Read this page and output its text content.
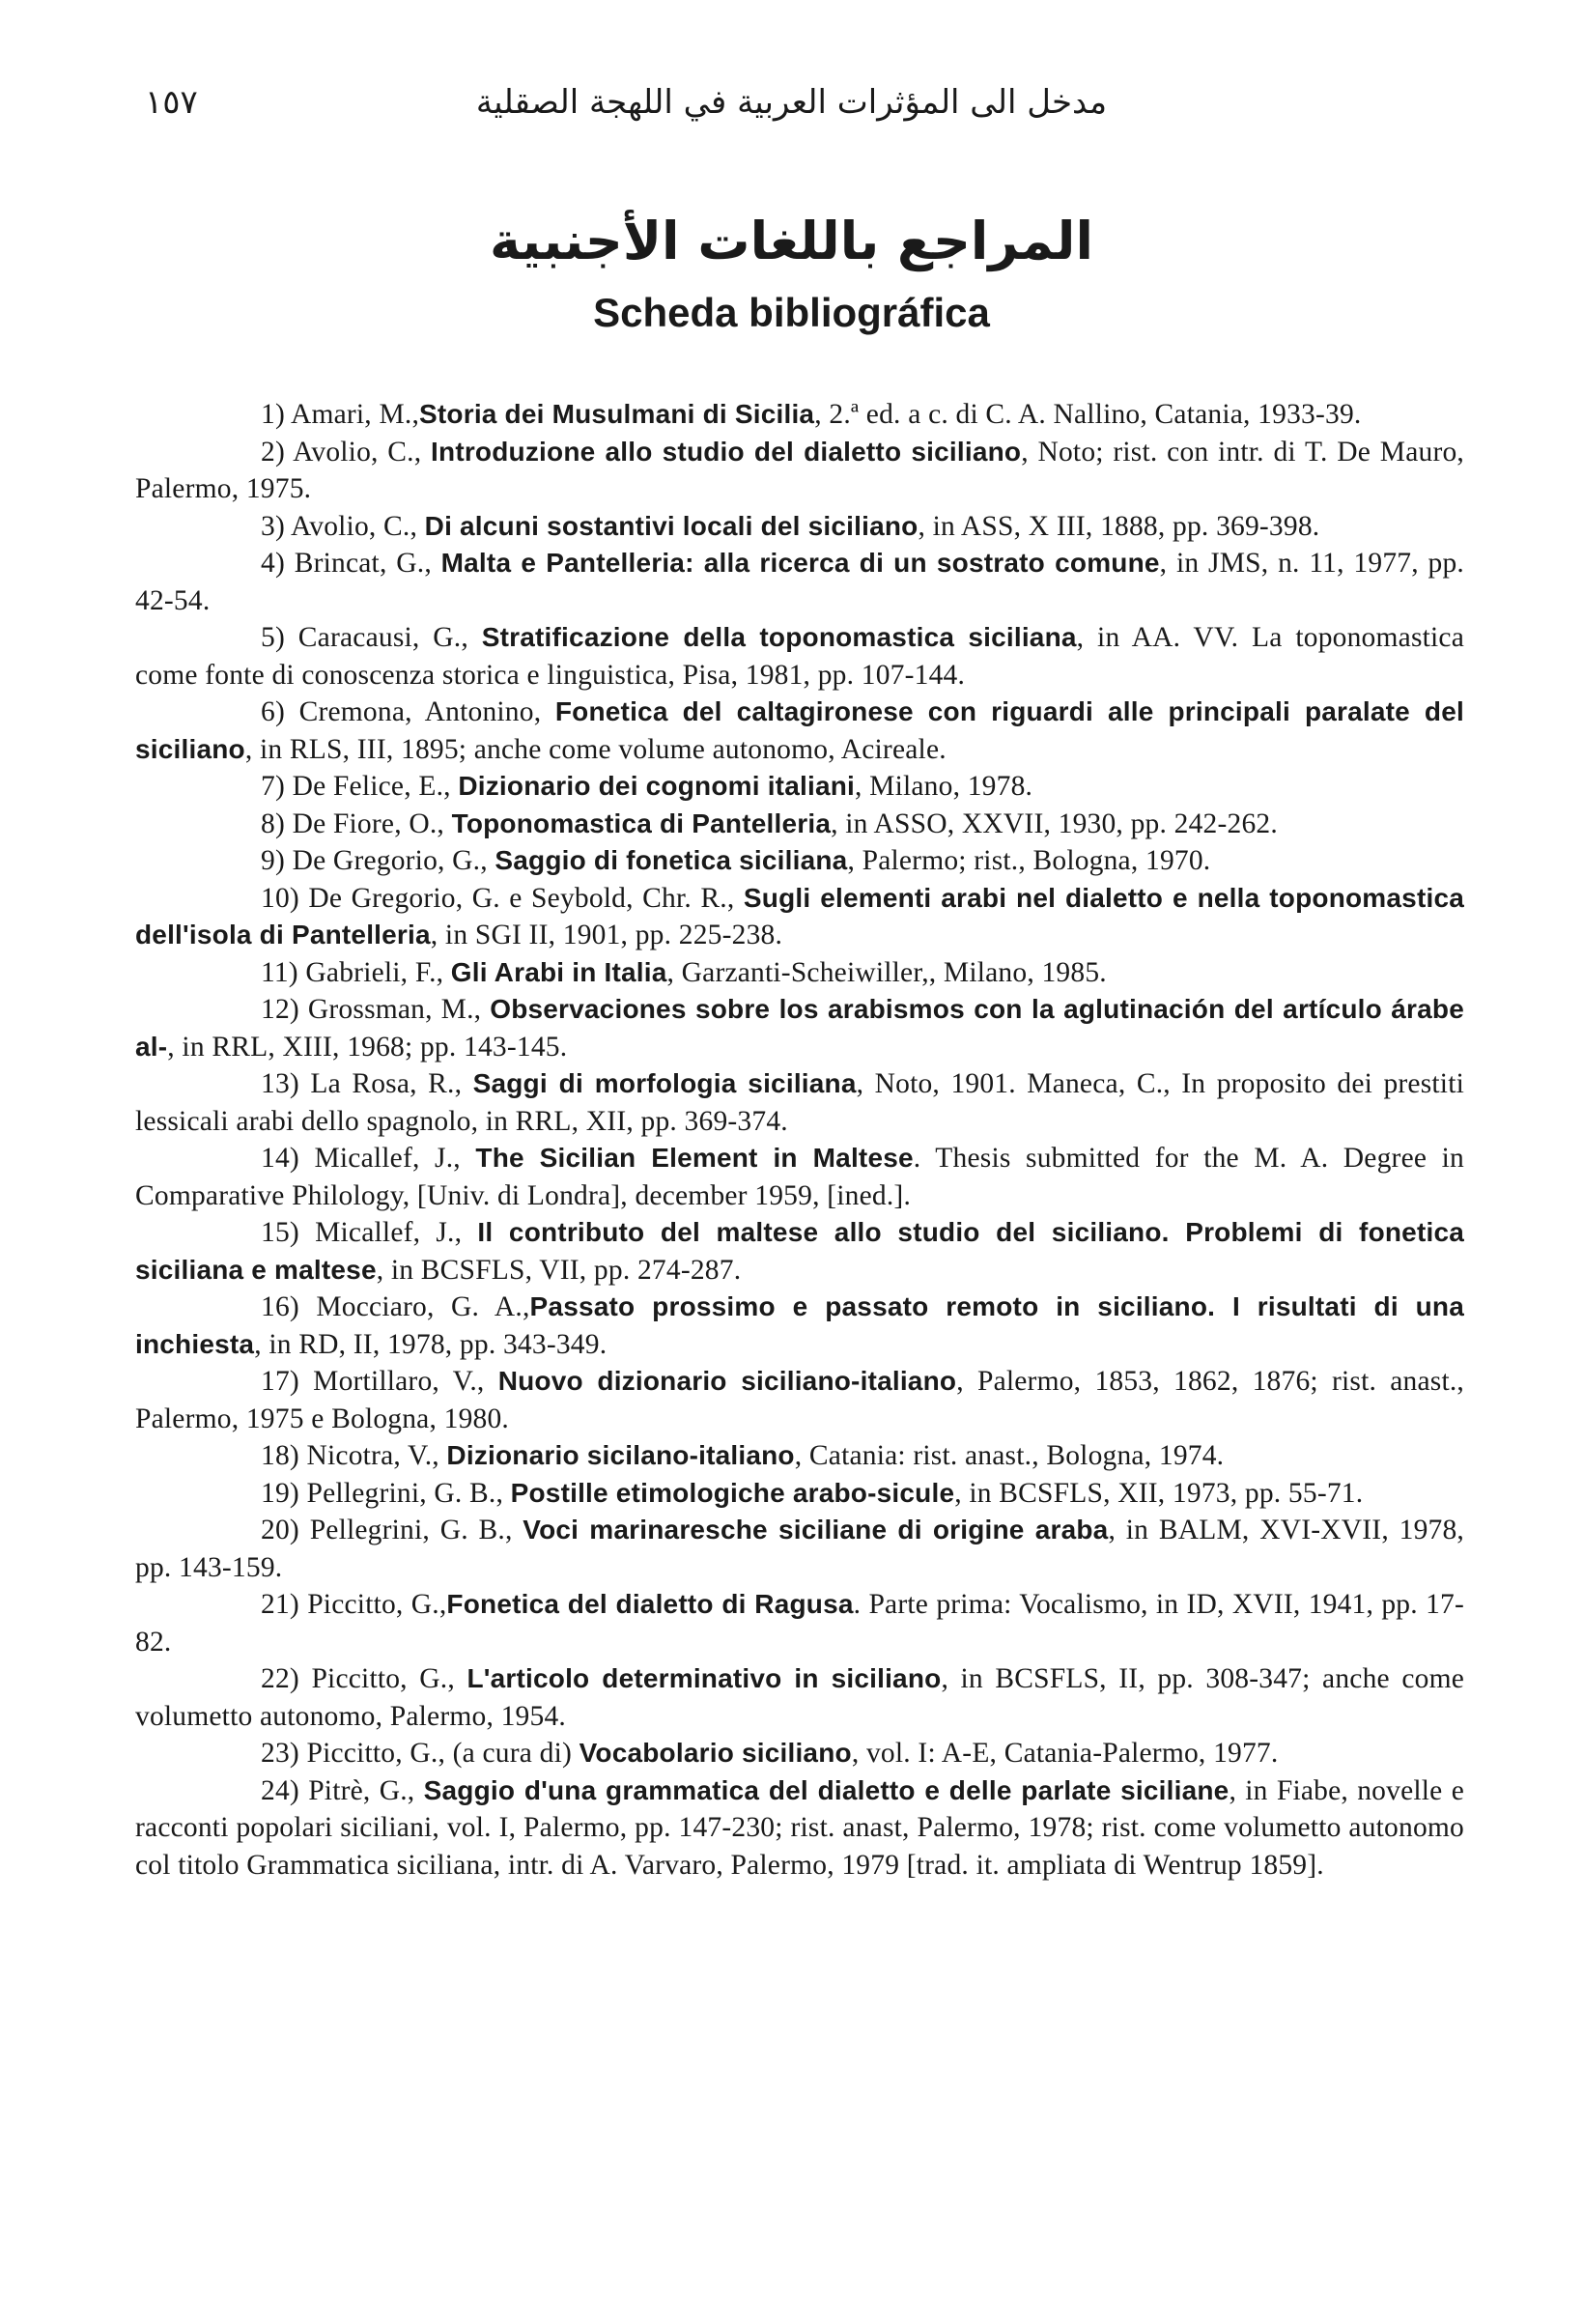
١٥٧	مدخل الى المؤثرات العربية في اللهجة الصقلية
المراجع باللغات الأجنبية
Scheda bibliográfica
1) Amari, M.,Storia dei Musulmani di Sicilia, 2.ª ed. a c. di C. A. Nallino, Catania, 1933-39.
2) Avolio, C., Introduzione allo studio del dialetto siciliano, Noto; rist. con intr. di T. De Mauro, Palermo, 1975.
3) Avolio, C., Di alcuni sostantivi locali del siciliano, in ASS, X III, 1888, pp. 369-398.
4) Brincat, G., Malta e Pantelleria: alla ricerca di un sostrato comune, in JMS, n. 11, 1977, pp. 42-54.
5) Caracausi, G., Stratificazione della toponomastica siciliana, in AA. VV. La toponomastica come fonte di conoscenza storica e linguistica, Pisa, 1981, pp. 107-144.
6) Cremona, Antonino, Fonetica del caltagironese con riguardi alle principali paralate del siciliano, in RLS, III, 1895; anche come volume autonomo, Acireale.
7) De Felice, E., Dizionario dei cognomi italiani, Milano, 1978.
8) De Fiore, O., Toponomastica di Pantelleria, in ASSO, XXVII, 1930, pp. 242-262.
9) De Gregorio, G., Saggio di fonetica siciliana, Palermo; rist., Bologna, 1970.
10) De Gregorio, G. e Seybold, Chr. R., Sugli elementi arabi nel dialetto e nella toponomastica dell'isola di Pantelleria, in SGI II, 1901, pp. 225-238.
11) Gabrieli, F., Gli Arabi in Italia, Garzanti-Scheiwiller,, Milano, 1985.
12) Grossman, M., Observaciones sobre los arabismos con la aglutinación del artículo árabe al-, in RRL, XIII, 1968; pp. 143-145.
13) La Rosa, R., Saggi di morfologia siciliana, Noto, 1901. Maneca, C., In proposito dei prestiti lessicali arabi dello spagnolo, in RRL, XII, pp. 369-374.
14) Micallef, J., The Sicilian Element in Maltese. Thesis submitted for the M. A. Degree in Comparative Philology, [Univ. di Londra], december 1959, [ined.].
15) Micallef, J., Il contributo del maltese allo studio del siciliano. Problemi di fonetica siciliana e maltese, in BCSFLS, VII, pp. 274-287.
16) Mocciaro, G. A.,Passato prossimo e passato remoto in siciliano. I risultati di una inchiesta, in RD, II, 1978, pp. 343-349.
17) Mortillaro, V., Nuovo dizionario siciliano-italiano, Palermo, 1853, 1862, 1876; rist. anast., Palermo, 1975 e Bologna, 1980.
18) Nicotra, V., Dizionario sicilano-italiano, Catania: rist. anast., Bologna, 1974.
19) Pellegrini, G. B., Postille etimologiche arabo-sicule, in BCSFLS, XII, 1973, pp. 55-71.
20) Pellegrini, G. B., Voci marinaresche siciliane di origine araba, in BALM, XVI-XVII, 1978, pp. 143-159.
21) Piccitto, G.,Fonetica del dialetto di Ragusa. Parte prima: Vocalismo, in ID, XVII, 1941, pp. 17-82.
22) Piccitto, G., L'articolo determinativo in siciliano, in BCSFLS, II, pp. 308-347; anche come volumetto autonomo, Palermo, 1954.
23) Piccitto, G., (a cura di) Vocabolario siciliano, vol. I: A-E, Catania-Palermo, 1977.
24) Pitrè, G., Saggio d'una grammatica del dialetto e delle parlate siciliane, in Fiabe, novelle e racconti popolari siciliani, vol. I, Palermo, pp. 147-230; rist. anast, Palermo, 1978; rist. come volumetto autonomo col titolo Grammatica siciliana, intr. di A. Varvaro, Palermo, 1979 [trad. it. ampliata di Wentrup 1859].
